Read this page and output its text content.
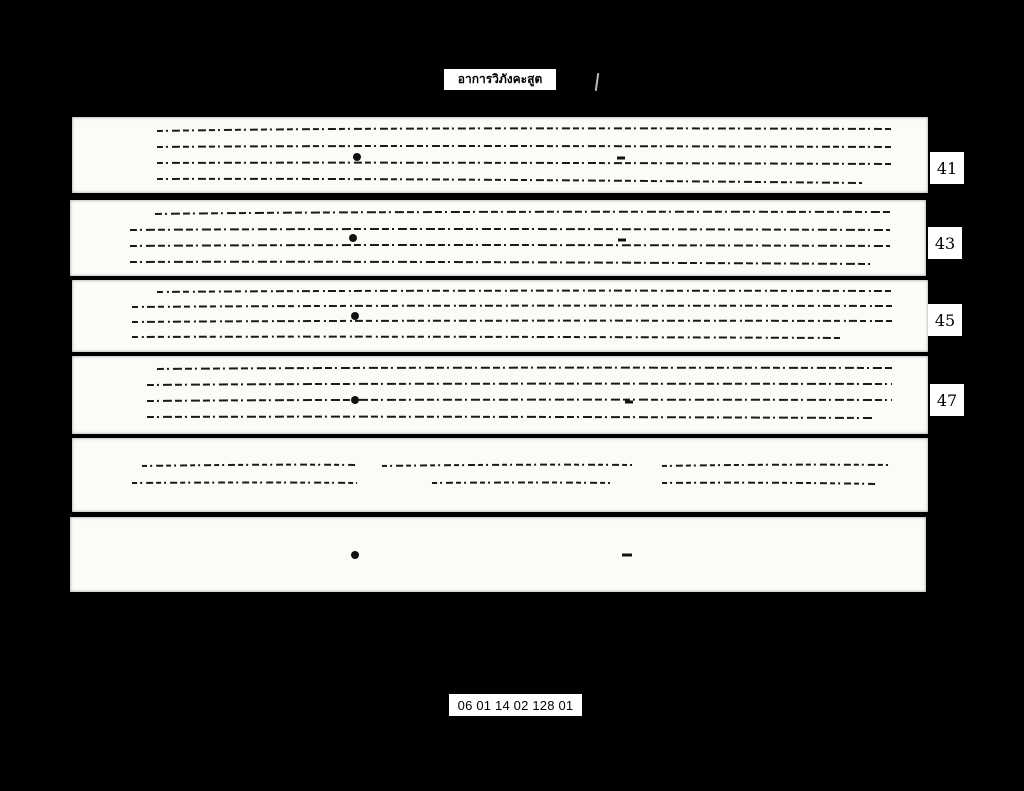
อาการวิภังคะสูต
41
43
45
47
06 01 14 02 128 01
